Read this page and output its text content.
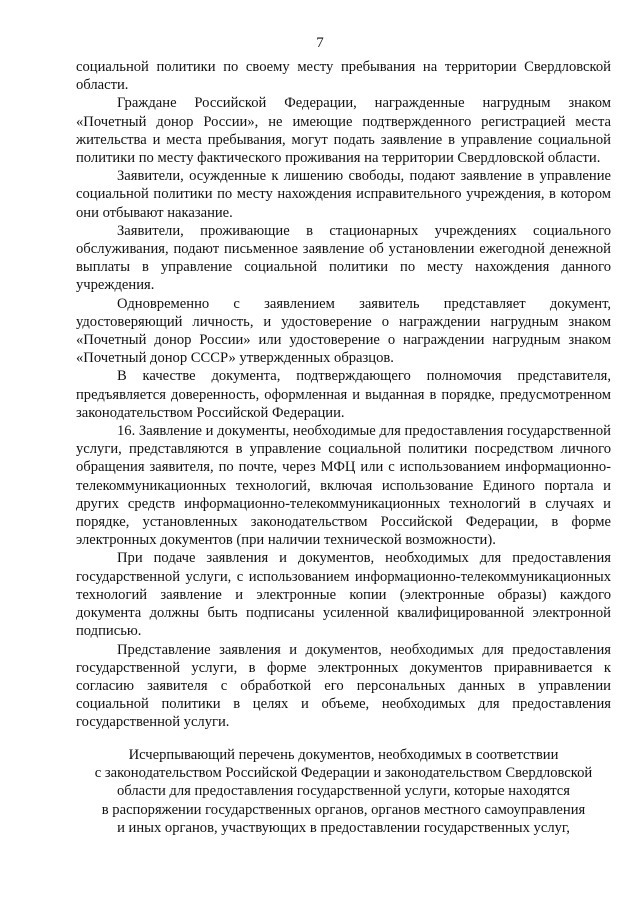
7

социальной политики по своему месту пребывания на территории Свердловской области.

Граждане Российской Федерации, награжденные нагрудным знаком «Почетный донор России», не имеющие подтвержденного регистрацией места жительства и места пребывания, могут подать заявление в управление социальной политики по месту фактического проживания на территории Свердловской области.

Заявители, осужденные к лишению свободы, подают заявление в управление социальной политики по месту нахождения исправительного учреждения, в котором они отбывают наказание.

Заявители, проживающие в стационарных учреждениях социального обслуживания, подают письменное заявление об установлении ежегодной денежной выплаты в управление социальной политики по месту нахождения данного учреждения.

Одновременно с заявлением заявитель представляет документ, удостоверяющий личность, и удостоверение о награждении нагрудным знаком «Почетный донор России» или удостоверение о награждении нагрудным знаком «Почетный донор СССР» утвержденных образцов.

В качестве документа, подтверждающего полномочия представителя, предъявляется доверенность, оформленная и выданная в порядке, предусмотренном законодательством Российской Федерации.

16. Заявление и документы, необходимые для предоставления государственной услуги, представляются в управление социальной политики посредством личного обращения заявителя, по почте, через МФЦ или с использованием информационно-телекоммуникационных технологий, включая использование Единого портала и других средств информационно-телекоммуникационных технологий в случаях и порядке, установленных законодательством Российской Федерации, в форме электронных документов (при наличии технической возможности).

При подаче заявления и документов, необходимых для предоставления государственной услуги, с использованием информационно-телекоммуникационных технологий заявление и электронные копии (электронные образы) каждого документа должны быть подписаны усиленной квалифицированной электронной подписью.

Представление заявления и документов, необходимых для предоставления государственной услуги, в форме электронных документов приравнивается к согласию заявителя с обработкой его персональных данных в управлении социальной политики в целях и объеме, необходимых для предоставления государственной услуги.

Исчерпывающий перечень документов, необходимых в соответствии
с законодательством Российской Федерации и законодательством Свердловской
области для предоставления государственной услуги, которые находятся
в распоряжении государственных органов, органов местного самоуправления
и иных органов, участвующих в предоставлении государственных услуг,
